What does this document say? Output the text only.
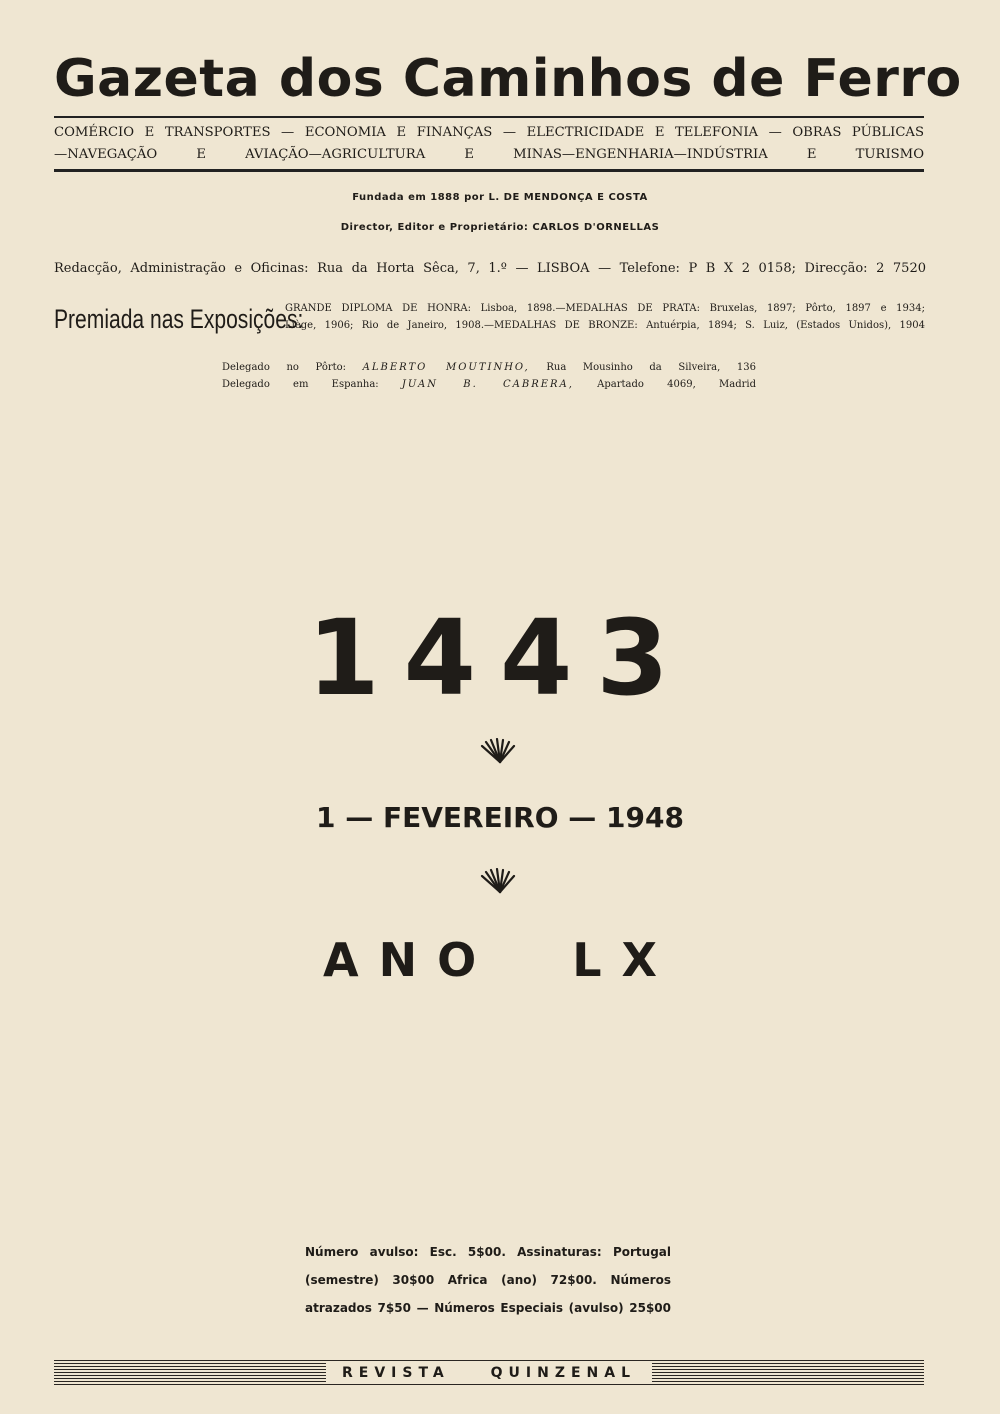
Gazeta dos Caminhos de Ferro
COMÉRCIO E TRANSPORTES — ECONOMIA E FINANÇAS — ELECTRICIDADE E TELEFONIA — OBRAS PÚBLICAS
—NAVEGAÇÃO E AVIAÇÃO—AGRICULTURA E MINAS—ENGENHARIA—INDÚSTRIA E TURISMO
Fundada em 1888 por L. DE MENDONÇA E COSTA
Director, Editor e Proprietário: CARLOS D'ORNELLAS
Redacção, Administração e Oficinas: Rua da Horta Sêca, 7, 1.º — LISBOA — Telefone: P B X 2 0158; Direcção: 2 7520
Premiada nas Exposições:
GRANDE DIPLOMA DE HONRA: Lisboa, 1898.—MEDALHAS DE PRATA: Bruxelas, 1897; Pôrto, 1897 e 1934;
Liège, 1906; Rio de Janeiro, 1908.—MEDALHAS DE BRONZE: Antuérpia, 1894; S. Luiz, (Estados Unidos), 1904
Delegado no Pôrto: ALBERTO MOUTINHO, Rua Mousinho da Silveira, 136
Delegado em Espanha: JUAN B. CABRERA, Apartado 4069, Madrid
1443
1 — FEVEREIRO — 1948
ANO LX
Número avulso: Esc. 5$00. Assinaturas: Portugal
(semestre) 30$00 Africa (ano) 72$00. Números
atrazados 7$50 — Números Especiais (avulso) 25$00
REVISTA QUINZENAL
